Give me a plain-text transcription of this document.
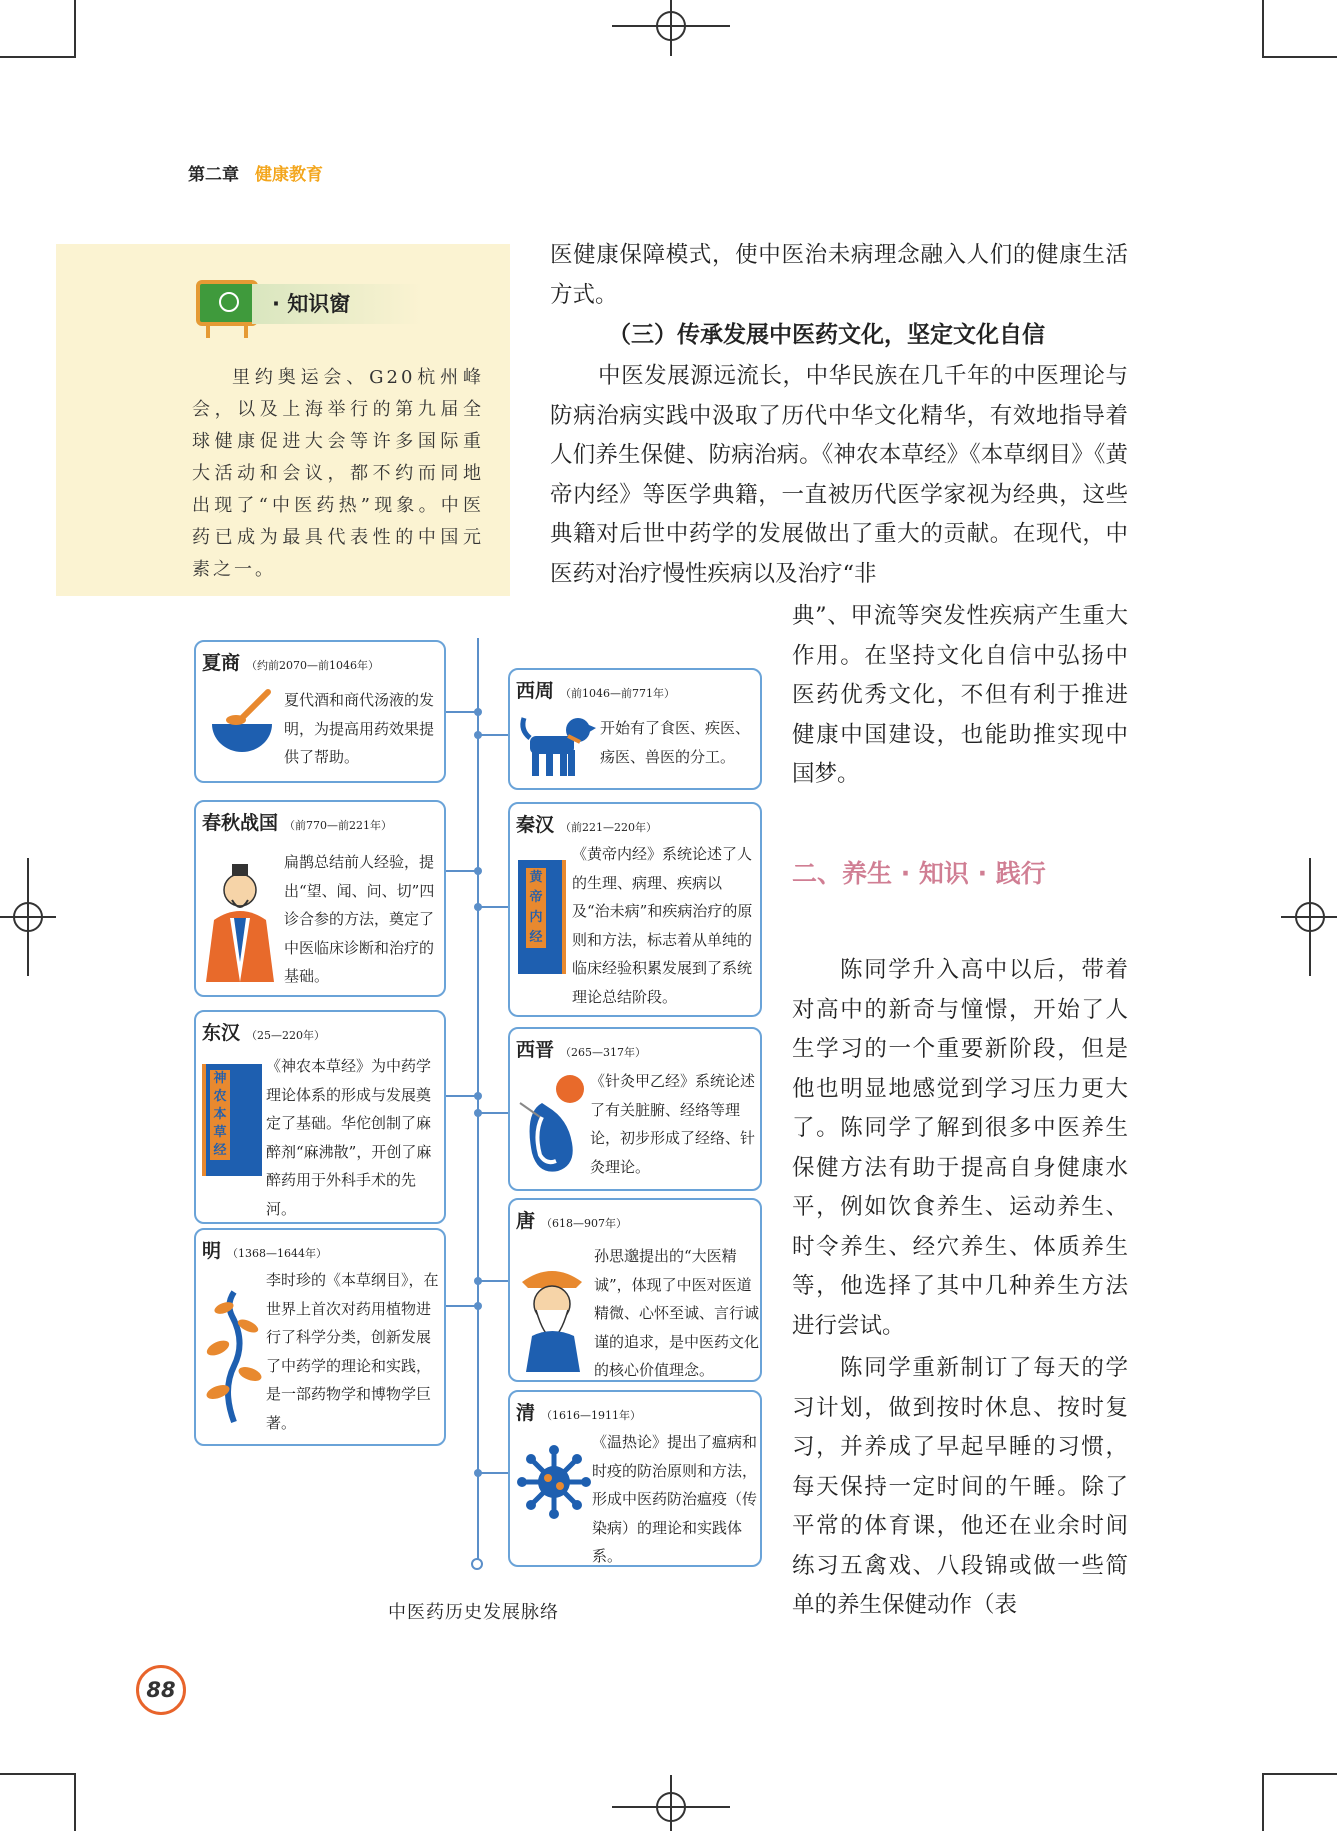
第二章 健康教育
· 知识窗
里约奥运会、G20杭州峰会，以及上海举行的第九届全球健康促进大会等许多国际重大活动和会议，都不约而同地出现了“中医药热”现象。中医药已成为最具代表性的中国元素之一。
医健康保障模式，使中医治未病理念融入人们的健康生活方式。
（三）传承发展中医药文化，坚定文化自信
中医发展源远流长，中华民族在几千年的中医理论与防病治病实践中汲取了历代中华文化精华，有效地指导着人们养生保健、防病治病。《神农本草经》《本草纲目》《黄帝内经》等医学典籍，一直被历代医学家视为经典，这些典籍对后世中药学的发展做出了重大的贡献。在现代，中医药对治疗慢性疾病以及治疗“非
典”、甲流等突发性疾病产生重大作用。在坚持文化自信中弘扬中医药优秀文化，不但有利于推进健康中国建设，也能助推实现中国梦。
二、养生 · 知识 · 践行
陈同学升入高中以后，带着对高中的新奇与憧憬，开始了人生学习的一个重要新阶段，但是他也明显地感觉到学习压力更大了。陈同学了解到很多中医养生保健方法有助于提高自身健康水平，例如饮食养生、运动养生、时令养生、经穴养生、体质养生等，他选择了其中几种养生方法进行尝试。
陈同学重新制订了每天的学习计划，做到按时休息、按时复习，并养成了早起早睡的习惯，每天保持一定时间的午睡。除了平常的体育课，他还在业余时间练习五禽戏、八段锦或做一些简单的养生保健动作（表
夏商 （约前2070—前1046年）
夏代酒和商代汤液的发明，为提高用药效果提供了帮助。
西周 （前1046—前771年）
开始有了食医、疾医、疡医、兽医的分工。
春秋战国 （前770—前221年）
扁鹊总结前人经验，提出“望、闻、问、切”四诊合参的方法，奠定了中医临床诊断和治疗的基础。
秦汉 （前221—220年）
黄帝内经
《黄帝内经》系统论述了人的生理、病理、疾病以及“治未病”和疾病治疗的原则和方法，标志着从单纯的临床经验积累发展到了系统理论总结阶段。
东汉 （25—220年）
神农本草经
《神农本草经》为中药学理论体系的形成与发展奠定了基础。华佗创制了麻醉剂“麻沸散”，开创了麻醉药用于外科手术的先河。
西晋 （265—317年）
《针灸甲乙经》系统论述了有关脏腑、经络等理论，初步形成了经络、针灸理论。
明 （1368—1644年）
李时珍的《本草纲目》，在世界上首次对药用植物进行了科学分类，创新发展了中药学的理论和实践，是一部药物学和博物学巨著。
唐 （618—907年）
孙思邈提出的“大医精诚”，体现了中医对医道精微、心怀至诚、言行诚谨的追求，是中医药文化的核心价值理念。
清 （1616—1911年）
《温热论》提出了瘟病和时疫的防治原则和方法，形成中医药防治瘟疫（传染病）的理论和实践体系。
中医药历史发展脉络
88
